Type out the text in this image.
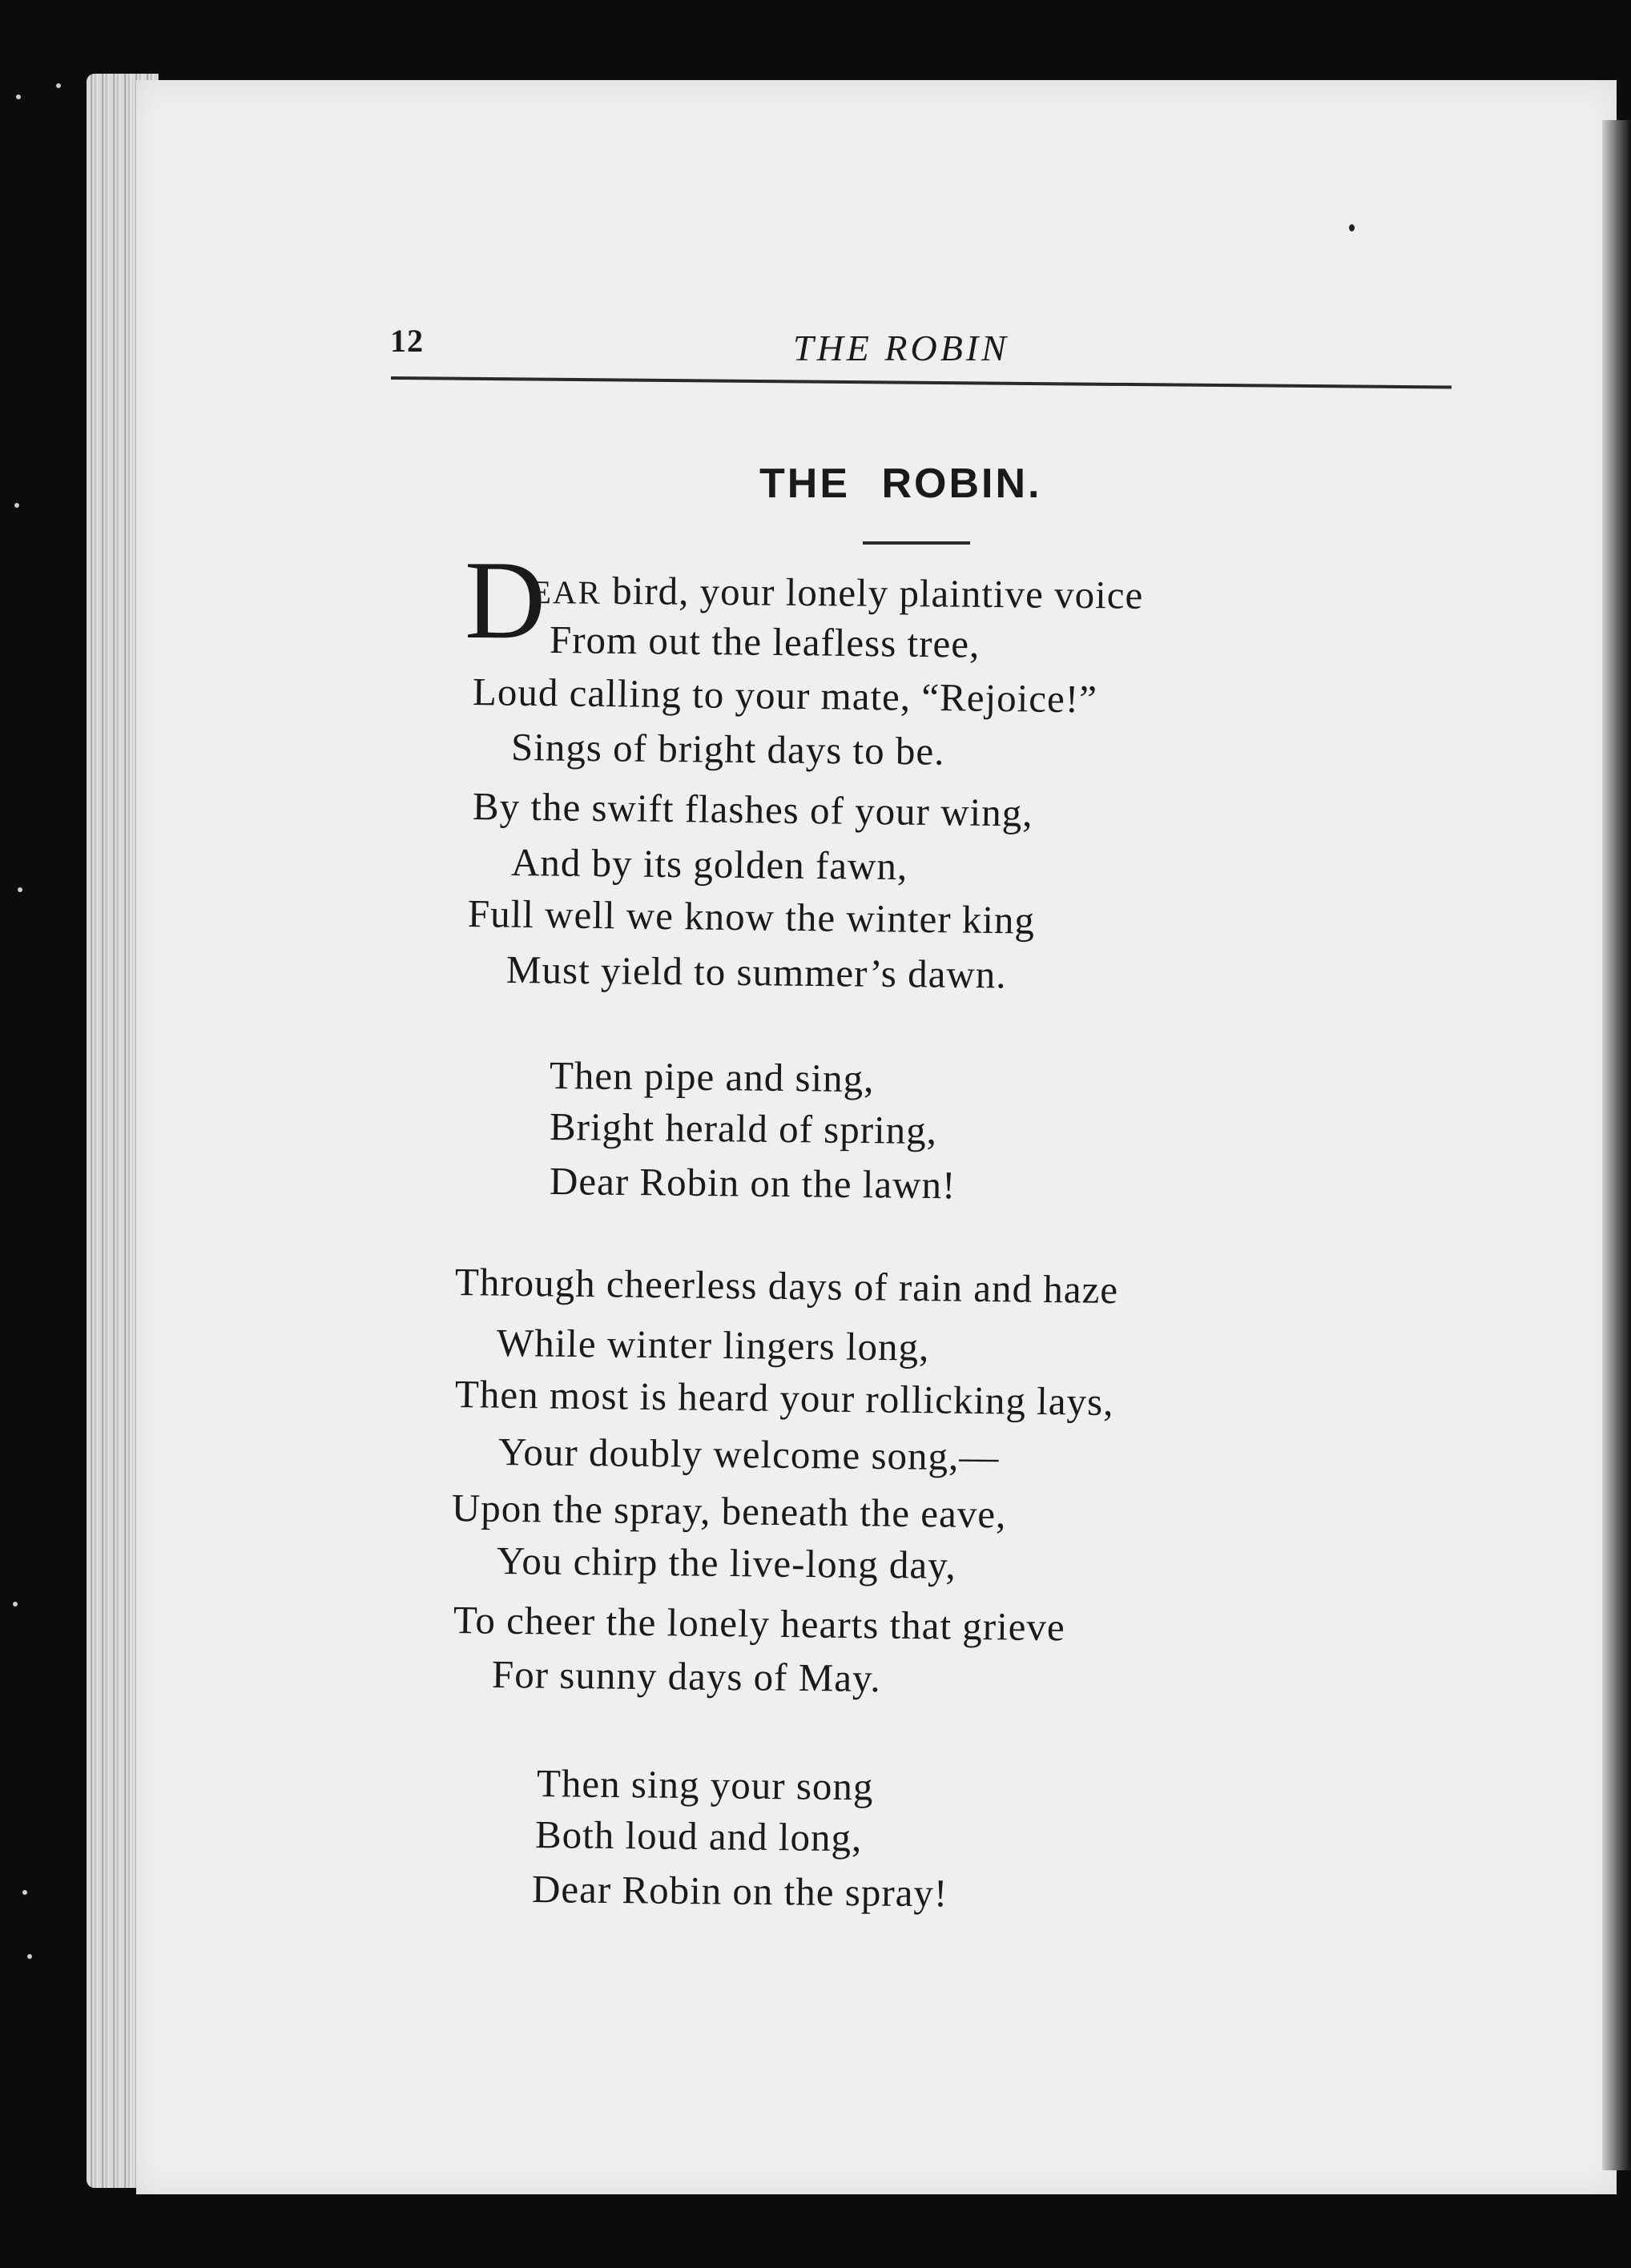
12	THE ROBIN
THE ROBIN.
D
EAR bird, your lonely plaintive voice
From out the leafless tree,
Loud calling to your mate, “Rejoice!”
Sings of bright days to be.
By the swift flashes of your wing,
And by its golden fawn,
Full well we know the winter king
Must yield to summer’s dawn.
Then pipe and sing,
Bright herald of spring,
Dear Robin on the lawn!
Through cheerless days of rain and haze
While winter lingers long,
Then most is heard your rollicking lays,
Your doubly welcome song,—
Upon the spray, beneath the eave,
You chirp the live-long day,
To cheer the lonely hearts that grieve
For sunny days of May.
Then sing your song
Both loud and long,
Dear Robin on the spray!
